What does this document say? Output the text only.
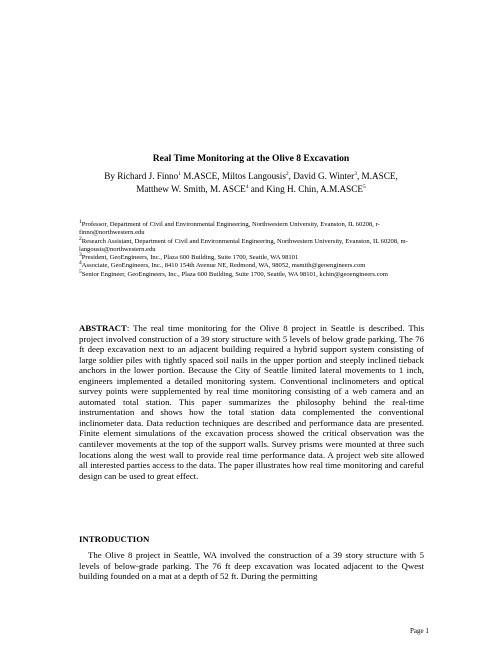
Real Time Monitoring at the Olive 8 Excavation
By Richard J. Finno$^1$ M.ASCE, Miltos Langousis$^2$, David G. Winter$^3$, M.ASCE,
Matthew W. Smith, M. ASCE$^4$ and King H. Chin, A.M.ASCE$^5$

$^1$Professor, Department of Civil and Environmental Engineering, Northwestern University, Evanston, IL 60208, r-finno@northwestern.edu

$^2$Research Assistant, Department of Civil and Environmental Engineering, Northwestern University, Evanston, IL 60208, m-langousis@northwestern.edu

$^3$President, GeoEngineers, Inc., Plaza 600 Building, Suite 1700, Seattle, WA 98101

$^4$Associate, GeoEngineers, Inc., 8410 154th Avenue NE, Redmond, WA, 98052, msmith@geoengineers.com

$^5$Senior Engineer, GeoEngineers, Inc., Plaza 600 Building, Suite 1700, Seattle, WA 98101, kchin@geoengineers.com

ABSTRACT: The real time monitoring for the Olive 8 project in Seattle is described. This project involved construction of a 39 story structure with 5 levels of below grade parking. The 76 ft deep excavation next to an adjacent building required a hybrid support system consisting of large soldier piles with tightly spaced soil nails in the upper portion and steeply inclined tieback anchors in the lower portion. Because the City of Seattle limited lateral movements to 1 inch, engineers implemented a detailed monitoring system. Conventional inclinometers and optical survey points were supplemented by real time monitoring consisting of a web camera and an automated total station. This paper summarizes the philosophy behind the real-time instrumentation and shows how the total station data complemented the conventional inclinometer data. Data reduction techniques are described and performance data are presented. Finite element simulations of the excavation process showed the critical observation was the cantilever movements at the top of the support walls. Survey prisms were mounted at three such locations along the west wall to provide real time performance data. A project web site allowed all interested parties access to the data. The paper illustrates how real time monitoring and careful design can be used to great effect.
INTRODUCTION
The Olive 8 project in Seattle, WA involved the construction of a 39 story structure with 5 levels of below-grade parking. The 76 ft deep excavation was located adjacent to the Qwest building founded on a mat at a depth of 52 ft. During the permitting
Page 1
